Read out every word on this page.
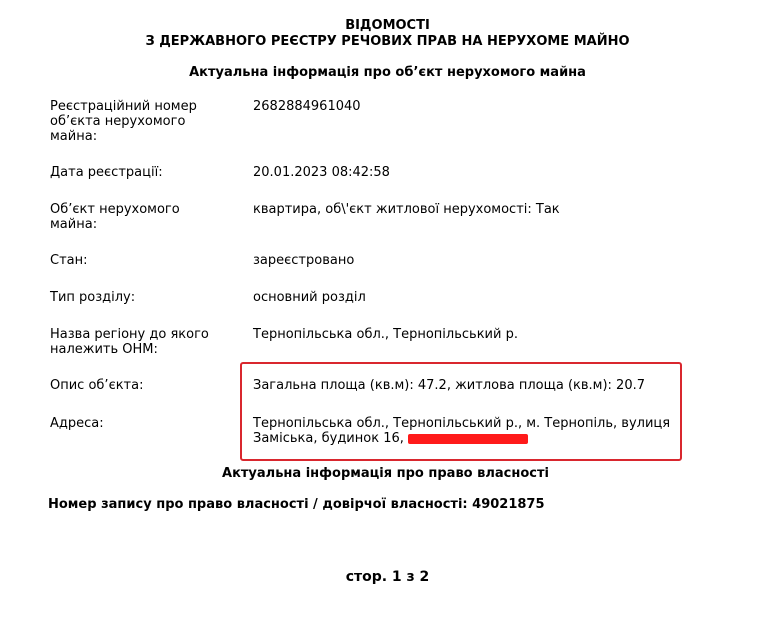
ВІДОМОСТІ
З ДЕРЖАВНОГО РЕЄСТРУ РЕЧОВИХ ПРАВ НА НЕРУХОМЕ МАЙНО
Актуальна інформація про об’єкт нерухомого майна
Реєстраційний номер об’єкта нерухомого майна:
2682884961040
Дата реєстрації:	20.01.2023 08:42:58
Об’єкт нерухомого майна:
квартира, об\'єкт житлової нерухомості: Так
Стан:	зареєстровано
Тип розділу:	основний розділ
Назва регіону до якого належить ОНМ:
Тернопільська обл., Тернопільський р.
Опис об’єкта:	Загальна площа (кв.м): 47.2, житлова площа (кв.м): 20.7
Адреса:	Тернопільська обл., Тернопільський р., м. Тернопіль, вулиця Заміська, будинок 16,
Актуальна інформація про право власності
Номер запису про право власності / довірчої власності: 49021875
стор. 1 з 2
